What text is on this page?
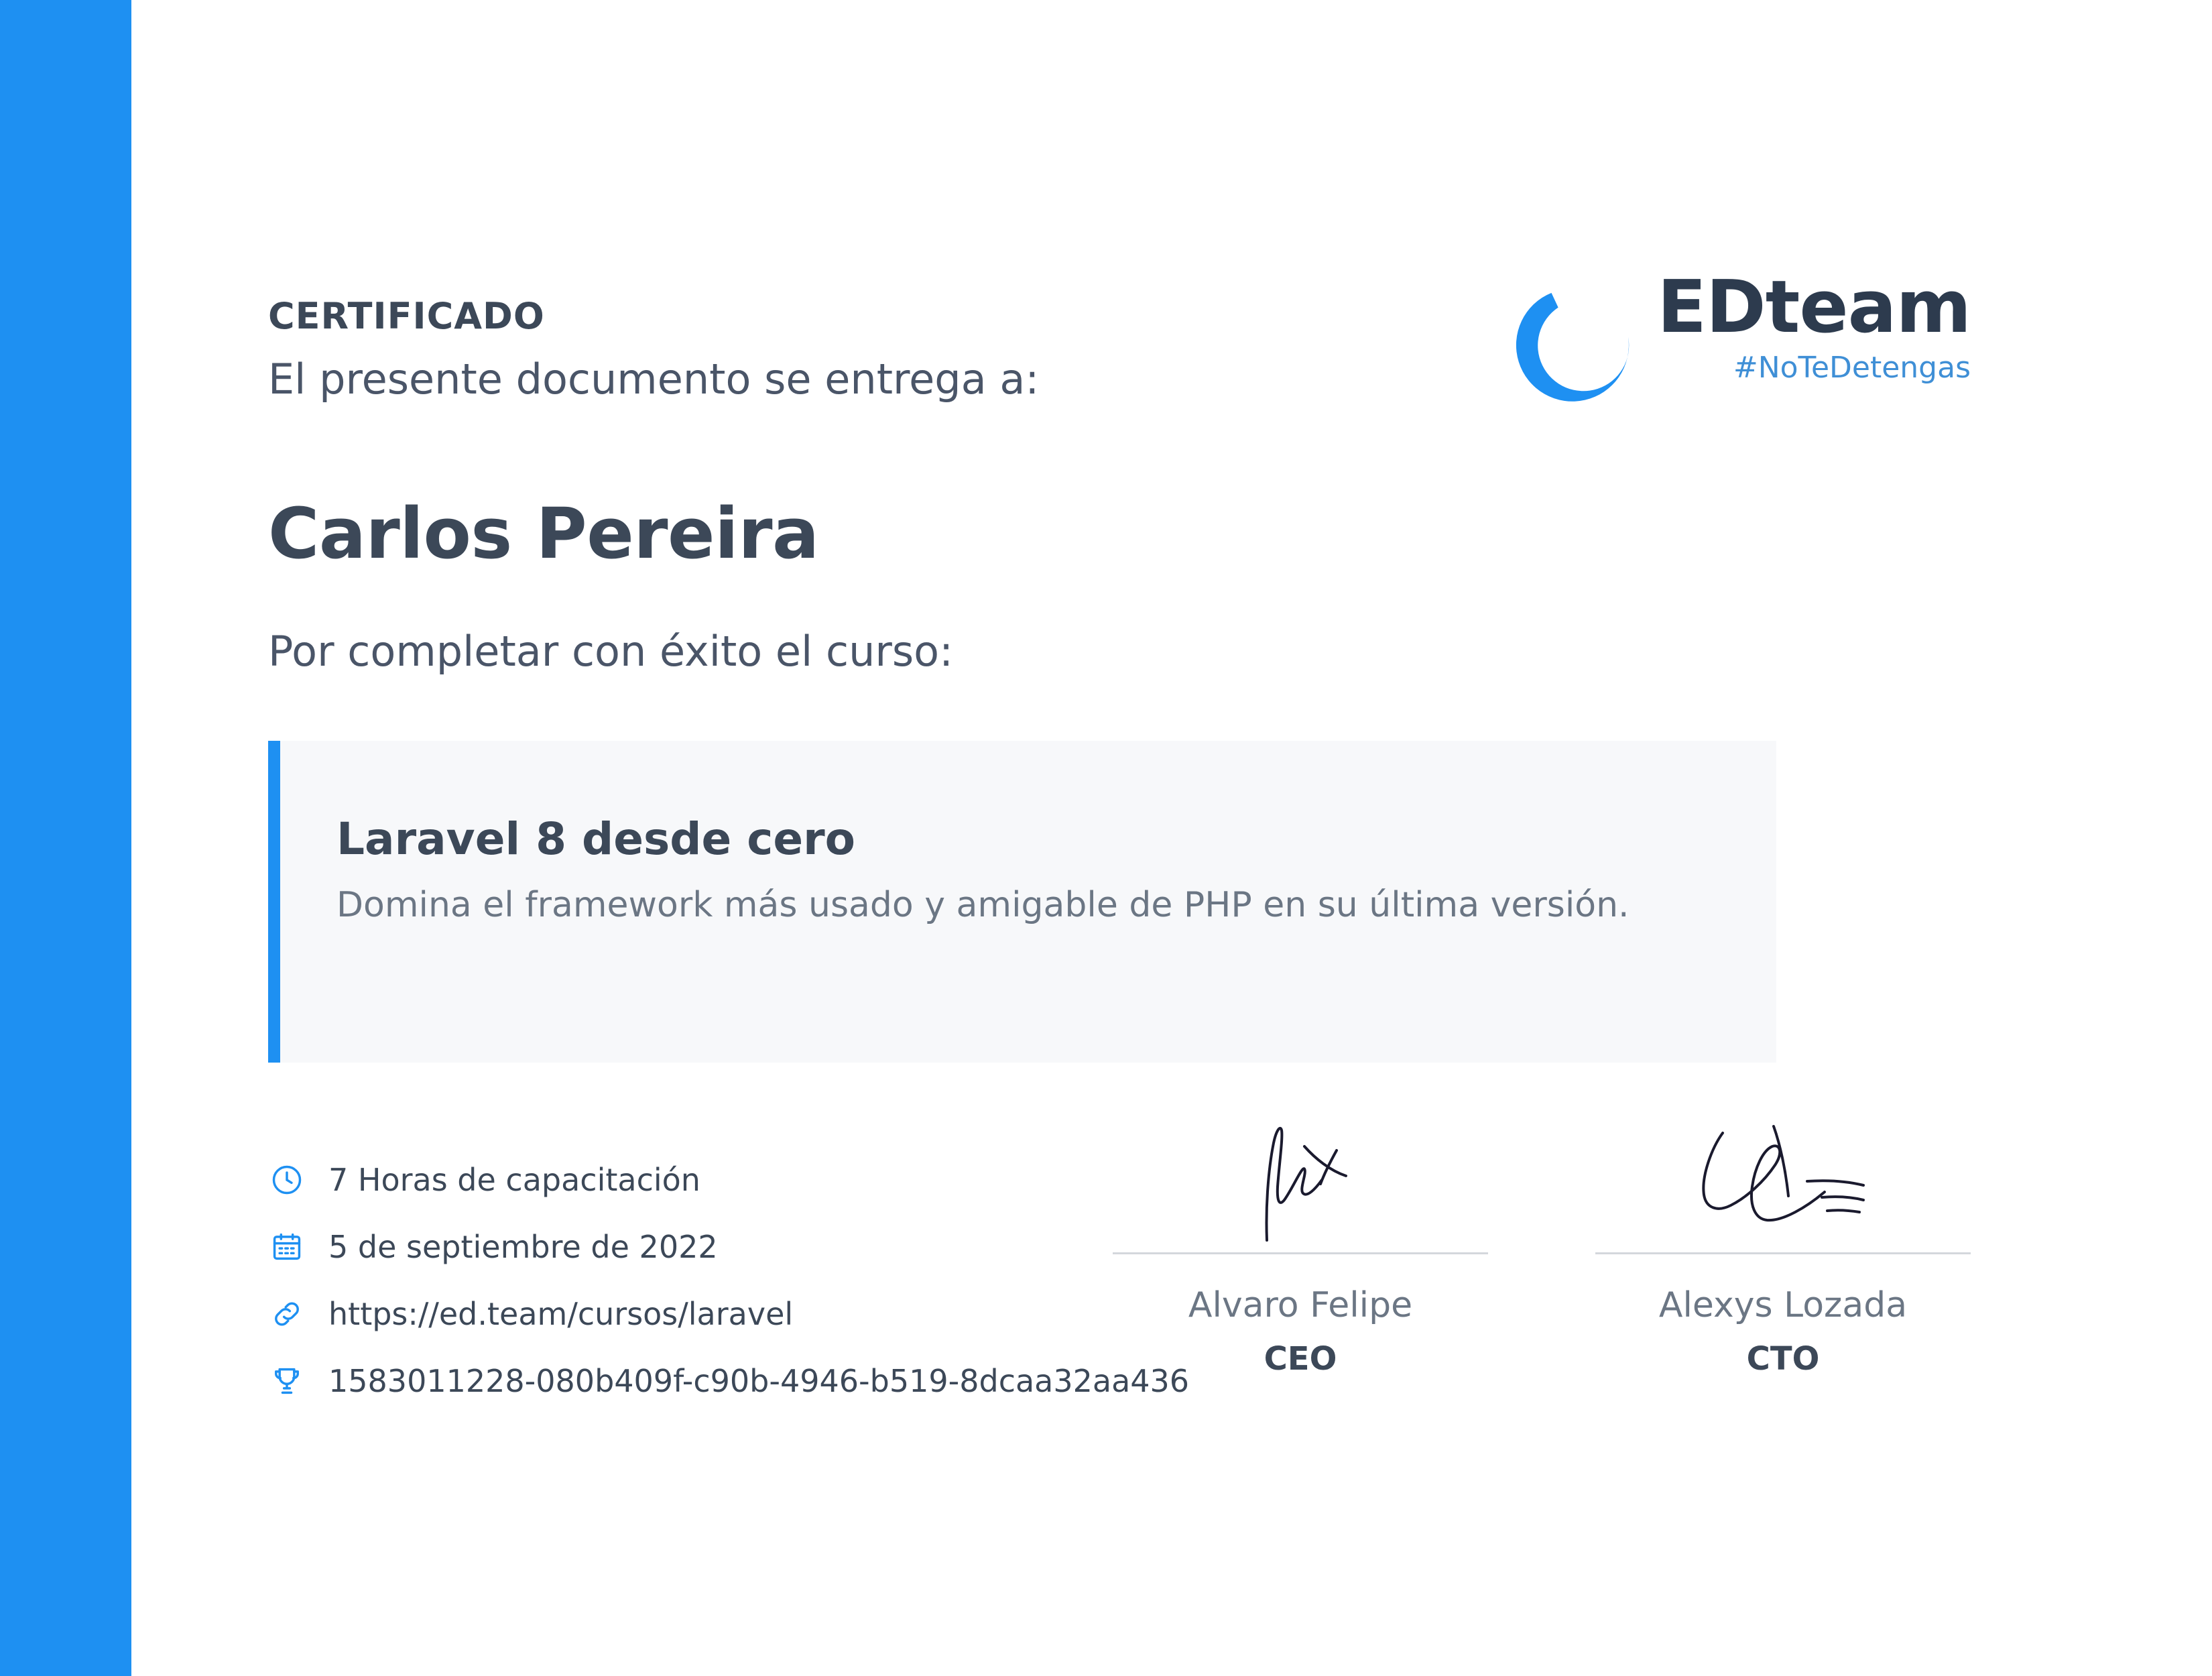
CERTIFICADO
El presente documento se entrega a:
Carlos Pereira
Por completar con éxito el curso:
EDteam
#NoTeDetengas
Laravel 8 desde cero
Domina el framework más usado y amigable de PHP en su última versión.
7 Horas de capacitación
5 de septiembre de 2022
https://ed.team/cursos/laravel
1583011228-080b409f-c90b-4946-b519-8dcaa32aa436
Alvaro Felipe
CEO
Alexys Lozada
CTO
